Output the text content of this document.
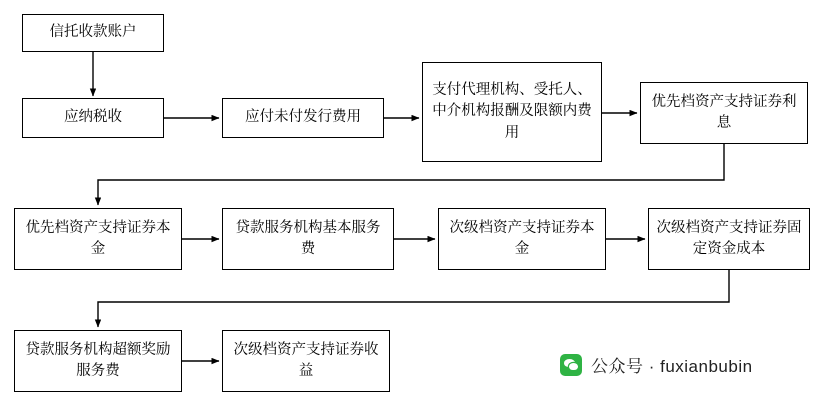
信托收款账户
应纳税收	应付未付发行费用
支付代理机构、受托人、中介机构报酬及限额内费用
优先档资产支持证券利息
优先档资产支持证券本金
贷款服务机构基本服务费
次级档资产支持证券本金
次级档资产支持证券固定资金成本
贷款服务机构超额奖励服务费
次级档资产支持证券收益	公众号 · fuxianbubin
